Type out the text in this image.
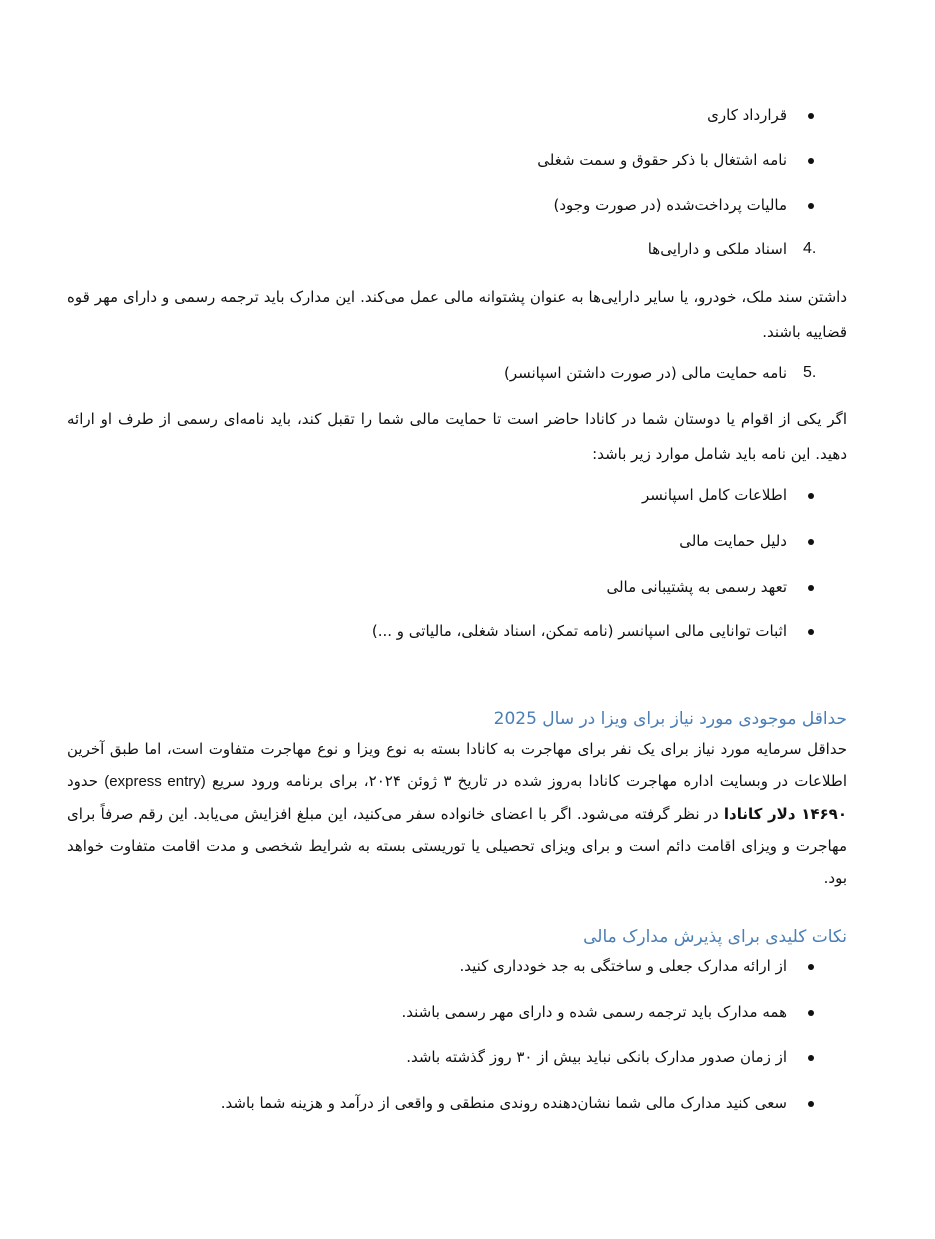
قرارداد کاری
نامه اشتغال با ذکر حقوق و سمت شغلی
مالیات پرداخت‌شده (در صورت وجود)
4.
اسناد ملکی و دارایی‌ها
داشتن سند ملک، خودرو، یا سایر دارایی‌ها به عنوان پشتوانه مالی عمل می‌کند. این مدارک باید ترجمه رسمی و دارای مهر قوه قضاییه باشند.
5.
نامه حمایت مالی (در صورت داشتن اسپانسر)
اگر یکی از اقوام یا دوستان شما در کانادا حاضر است تا حمایت مالی شما را تقبل کند، باید نامه‌ای رسمی از طرف او ارائه دهید. این نامه باید شامل موارد زیر باشد:
اطلاعات کامل اسپانسر
دلیل حمایت مالی
تعهد رسمی به پشتیبانی مالی
اثبات توانایی مالی اسپانسر (نامه تمکن، اسناد شغلی، مالیاتی و ...)
حداقل موجودی مورد نیاز برای ویزا در سال 2025
حداقل سرمایه مورد نیاز برای یک نفر برای مهاجرت به کانادا بسته به نوع ویزا و نوع مهاجرت متفاوت است، اما طبق آخرین اطلاعات در وبسایت اداره مهاجرت کانادا به‌روز شده در تاریخ ۳ ژوئن ۲۰۲۴، برای برنامه ورود سریع (express entry) حدود ۱۴۶۹۰ دلار کانادا در نظر گرفته می‌شود. اگر با اعضای خانواده سفر می‌کنید، این مبلغ افزایش می‌یابد. این رقم صرفاً برای مهاجرت و ویزای اقامت دائم است و برای ویزای تحصیلی یا توریستی بسته به شرایط شخصی و مدت اقامت متفاوت خواهد بود.
نکات کلیدی برای پذیرش مدارک مالی
از ارائه مدارک جعلی و ساختگی به جد خودداری کنید.
همه مدارک باید ترجمه رسمی شده و دارای مهر رسمی باشند.
از زمان صدور مدارک بانکی نباید بیش از ۳۰ روز گذشته باشد.
سعی کنید مدارک مالی شما نشان‌دهنده روندی منطقی و واقعی از درآمد و هزینه شما باشد.
